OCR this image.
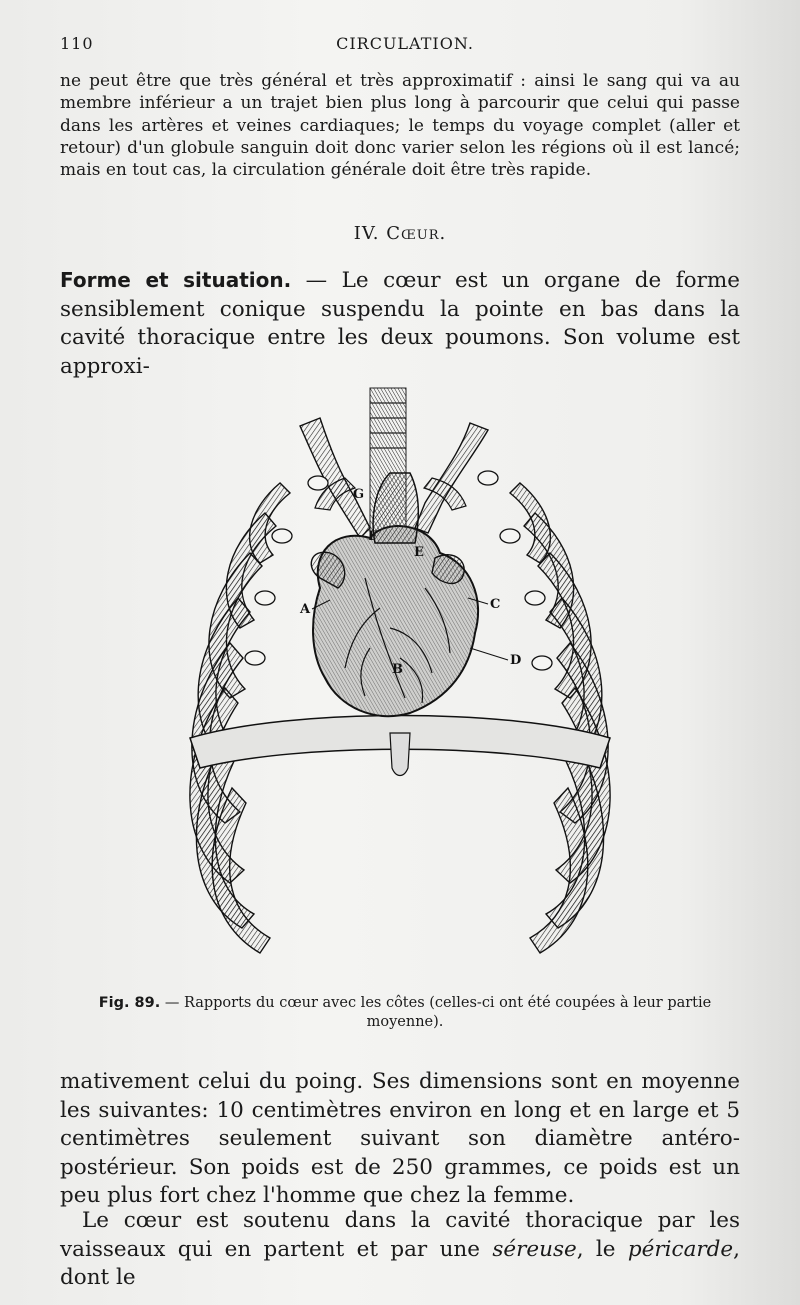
110	CIRCULATION.

ne peut être que très général et très approximatif : ainsi le sang qui va au membre inférieur a un trajet bien plus long à parcourir que celui qui passe dans les artères et veines cardiaques; le temps du voyage complet (aller et retour) d'un globule sanguin doit donc varier selon les régions où il est lancé; mais en tout cas, la circulation générale doit être très rapide.

IV. Cœur.

Forme et situation. — Le cœur est un organe de forme sensiblement conique suspendu la pointe en bas dans la cavité thoracique entre les deux poumons. Son volume est approxi-

G
F
E
A	C
B
D

Fig. 89. — Rapports du cœur avec les côtes (celles-ci ont été coupées à leur partie moyenne).

mativement celui du poing. Ses dimensions sont en moyenne les suivantes: 10 centimètres environ en long et en large et 5 centimètres seulement suivant son diamètre antéro-postérieur. Son poids est de 250 grammes, ce poids est un peu plus fort chez l'homme que chez la femme.

Le cœur est soutenu dans la cavité thoracique par les vaisseaux qui en partent et par une séreuse, le péricarde, dont le
